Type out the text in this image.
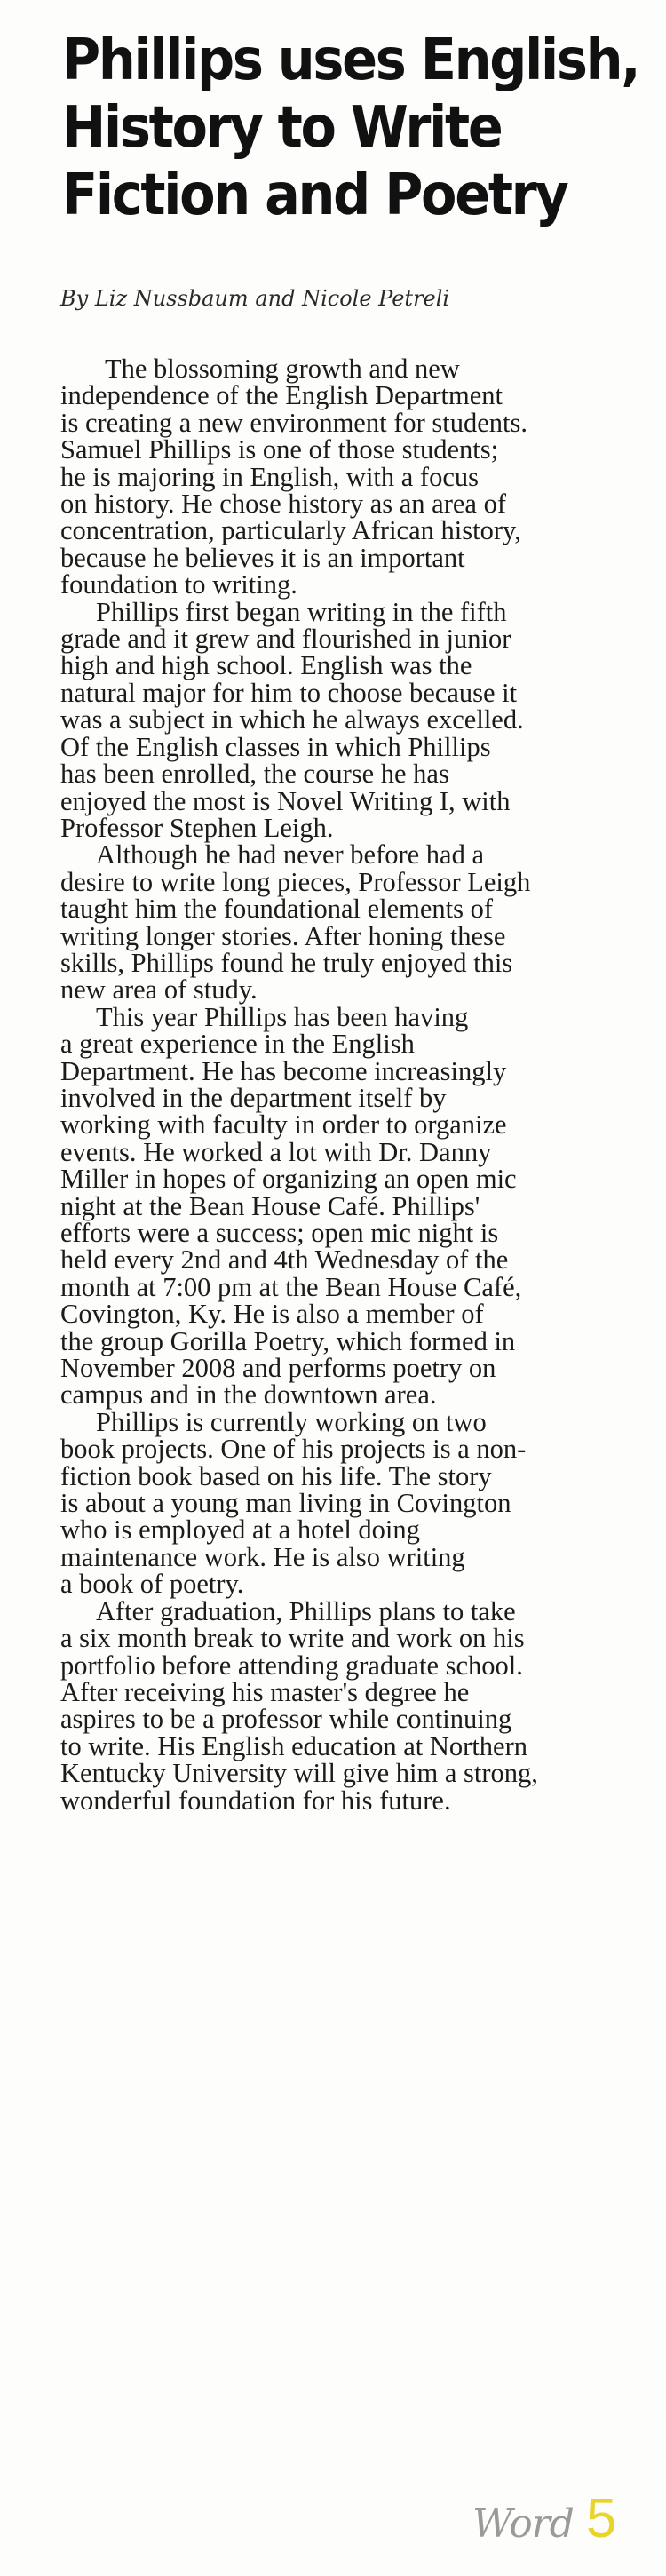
Phillips uses English,
History to Write
Fiction and Poetry
By Liz Nussbaum and Nicole Petreli
The blossoming growth and new
independence of the English Department
is creating a new environment for students.
Samuel Phillips is one of those students;
he is majoring in English, with a focus
on history. He chose history as an area of
concentration, particularly African history,
because he believes it is an important
foundation to writing.
Phillips first began writing in the fifth
grade and it grew and flourished in junior
high and high school. English was the
natural major for him to choose because it
was a subject in which he always excelled.
Of the English classes in which Phillips
has been enrolled, the course he has
enjoyed the most is Novel Writing I, with
Professor Stephen Leigh.
Although he had never before had a
desire to write long pieces, Professor Leigh
taught him the foundational elements of
writing longer stories. After honing these
skills, Phillips found he truly enjoyed this
new area of study.
This year Phillips has been having
a great experience in the English
Department. He has become increasingly
involved in the department itself by
working with faculty in order to organize
events. He worked a lot with Dr. Danny
Miller in hopes of organizing an open mic
night at the Bean House Café. Phillips'
efforts were a success; open mic night is
held every 2nd and 4th Wednesday of the
month at 7:00 pm at the Bean House Café,
Covington, Ky. He is also a member of
the group Gorilla Poetry, which formed in
November 2008 and performs poetry on
campus and in the downtown area.
Phillips is currently working on two
book projects. One of his projects is a non-
fiction book based on his life. The story
is about a young man living in Covington
who is employed at a hotel doing
maintenance work. He is also writing
a book of poetry.
After graduation, Phillips plans to take
a six month break to write and work on his
portfolio before attending graduate school.
After receiving his master's degree he
aspires to be a professor while continuing
to write. His English education at Northern
Kentucky University will give him a strong,
wonderful foundation for his future.
Word 5
